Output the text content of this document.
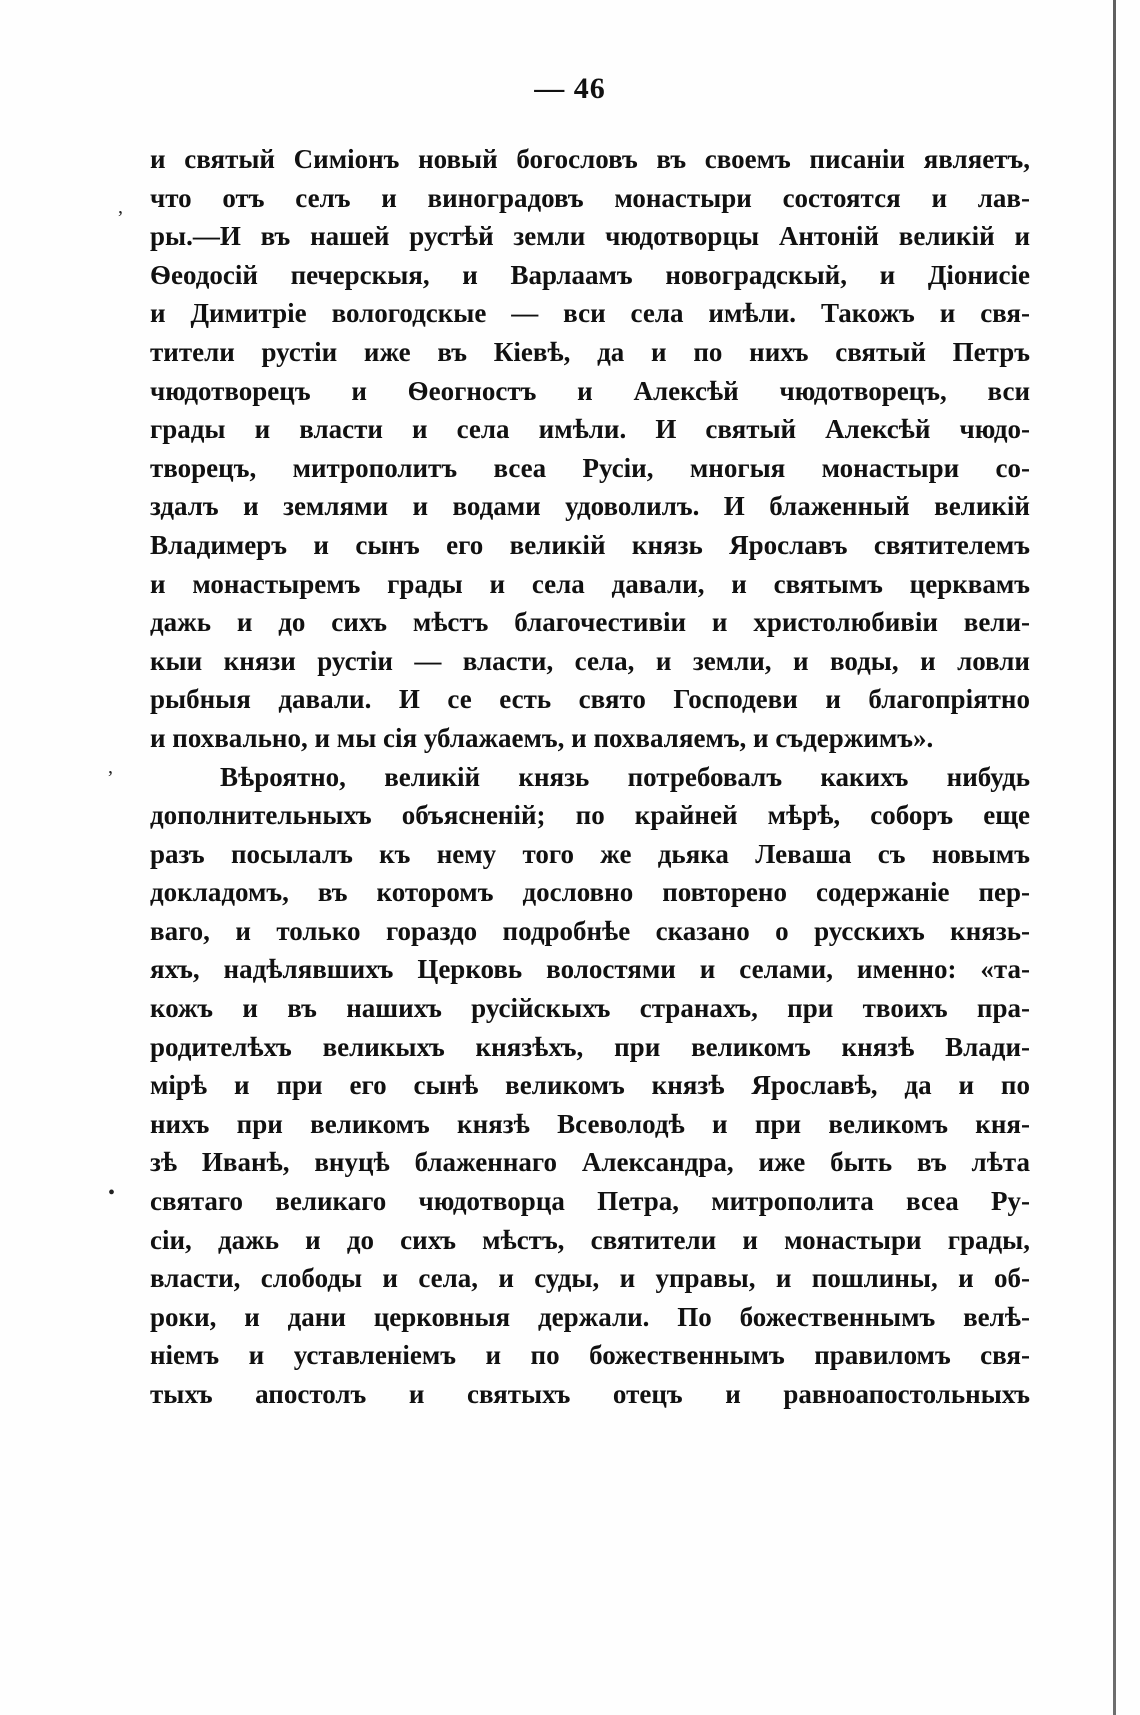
— 46
и святый Симіонъ новый богословъ въ своемъ писаніи являетъ,
что отъ селъ и виноградовъ монастыри состоятся и лав-
ры.—И въ нашей рустѣй земли чюдотворцы Антоній великій и
Ѳеодосій печерскыя, и Варлаамъ новоградскый, и Діонисіе
и Димитріе вологодскые — вси села имѣли. Такожъ и свя-
тители рустіи иже въ Кіевѣ, да и по нихъ святый Петръ
чюдотворецъ и Ѳеогностъ и Алексѣй чюдотворецъ, вси
грады и власти и села имѣли. И святый Алексѣй чюдо-
творецъ, митрополитъ всеа Русіи, многыя монастыри со-
здалъ и землями и водами удоволилъ. И блаженный великій
Владимеръ и сынъ его великій князь Ярославъ святителемъ
и монастыремъ грады и села давали, и святымъ церквамъ
дажь и до сихъ мѣстъ благочестивіи и христолюбивіи вели-
кыи князи рустіи — власти, села, и земли, и воды, и ловли
рыбныя давали. И се есть свято Господеви и благопріятно
и похвально, и мы сія ублажаемъ, и похваляемъ, и съдержимъ».
Вѣроятно, великій князь потребовалъ какихъ нибудь
дополнительныхъ объясненій; по крайней мѣрѣ, соборъ еще
разъ посылалъ къ нему того же дьяка Леваша съ новымъ
докладомъ, въ которомъ дословно повторено содержаніе пер-
ваго, и только гораздо подробнѣе сказано о русскихъ князь-
яхъ, надѣлявшихъ Церковь волостями и селами, именно: «та-
кожъ и въ нашихъ русійскыхъ странахъ, при твоихъ пра-
родителѣхъ великыхъ князѣхъ, при великомъ князѣ Влади-
мірѣ и при его сынѣ великомъ князѣ Ярославѣ, да и по
нихъ при великомъ князѣ Всеволодѣ и при великомъ кня-
зѣ Иванѣ, внуцѣ блаженнаго Александра, иже быть въ лѣта
святаго великаго чюдотворца Петра, митрополита всеа Ру-
сіи, дажь и до сихъ мѣстъ, святители и монастыри грады,
власти, слободы и села, и суды, и управы, и пошлины, и об-
роки, и дани церковныя держали. По божественнымъ велѣ-
ніемъ и уставленіемъ и по божественнымъ правиломъ свя-
тыхъ апостолъ и святыхъ отецъ и равноапостольныхъ
,
,
•
